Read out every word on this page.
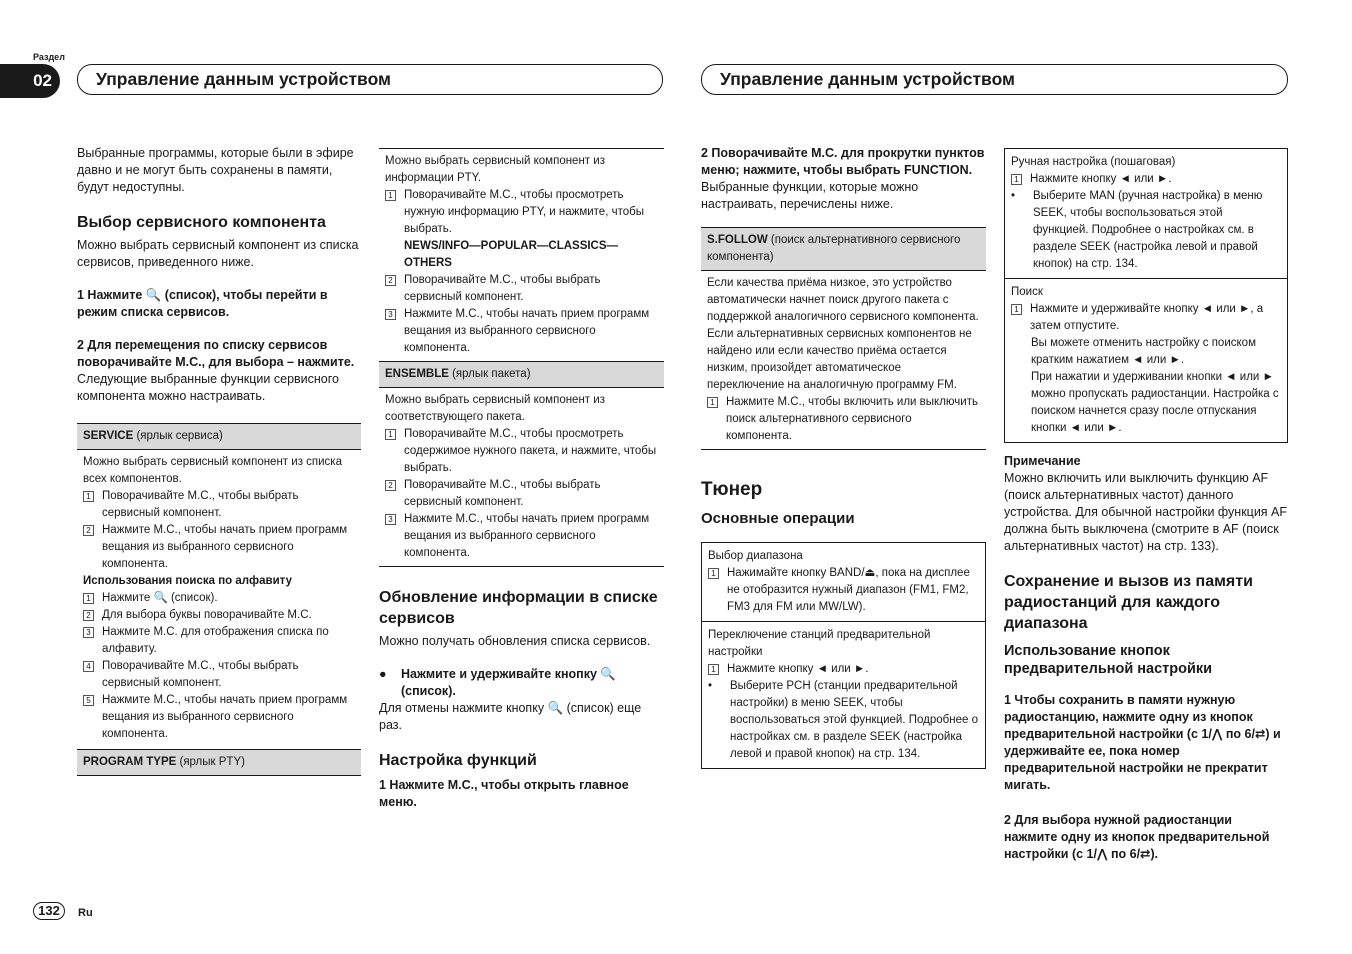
Раздел
02	Управление данным устройством	Управление данным устройством

Выбранные программы, которые были в эфире давно и не могут быть сохранены в памяти, будут недоступны.

Выбор сервисного компонента

Можно выбрать сервисный компонент из списка сервисов, приведенного ниже.

1 Нажмите 🔍 (список), чтобы перейти в режим списка сервисов.

2 Для перемещения по списку сервисов поворачивайте M.C., для выбора – нажмите.

Следующие выбранные функции сервисного компонента можно настраивать.

SERVICE (ярлык сервиса)

Можно выбрать сервисный компонент из списка всех компонентов.

1 Поворачивайте M.C., чтобы выбрать сервисный компонент.
2 Нажмите M.C., чтобы начать прием программ вещания из выбранного сервисного компонента.

Использования поиска по алфавиту

1 Нажмите 🔍 (список).
2 Для выбора буквы поворачивайте M.C.
3 Нажмите M.C. для отображения списка по алфавиту.
4 Поворачивайте M.C., чтобы выбрать сервисный компонент.
5 Нажмите M.C., чтобы начать прием программ вещания из выбранного сервисного компонента.
PROGRAM TYPE (ярлык PTY)

Можно выбрать сервисный компонент из информации PTY.

1 Поворачивайте M.C., чтобы просмотреть нужную информацию PTY, и нажмите, чтобы выбрать.
NEWS/INFO—POPULAR—CLASSICS—OTHERS
2 Поворачивайте M.C., чтобы выбрать сервисный компонент.
3 Нажмите M.C., чтобы начать прием программ вещания из выбранного сервисного компонента.
ENSEMBLE (ярлык пакета)

Можно выбрать сервисный компонент из соответствующего пакета.

1 Поворачивайте M.C., чтобы просмотреть содержимое нужного пакета, и нажмите, чтобы выбрать.
2 Поворачивайте M.C., чтобы выбрать сервисный компонент.
3 Нажмите M.C., чтобы начать прием программ вещания из выбранного сервисного компонента.
Обновление информации в списке сервисов

Можно получать обновления списка сервисов.

●	Нажмите и удерживайте кнопку 🔍 (список).

Для отмены нажмите кнопку 🔍 (список) еще раз.

Настройка функций

1 Нажмите M.C., чтобы открыть главное меню.

2 Поворачивайте M.C. для прокрутки пунктов меню; нажмите, чтобы выбрать FUNCTION.

Выбранные функции, которые можно настраивать, перечислены ниже.

S.FOLLOW (поиск альтернативного сервисного компонента)

Если качества приёма низкое, это устройство автоматически начнет поиск другого пакета с поддержкой аналогичного сервисного компонента. Если альтернативных сервисных компонентов не найдено или если качество приёма остается низким, произойдет автоматическое переключение на аналогичную программу FM.

1 Нажмите M.C., чтобы включить или выключить поиск альтернативного сервисного компонента.
Тюнер
Основные операции

Выбор диапазона

1 Нажимайте кнопку BAND/⏏, пока на дисплее не отобразится нужный диапазон (FM1, FM2, FM3 для FM или MW/LW).

Переключение станций предварительной настройки

1 Нажмите кнопку ◄ или ►.
•	Выберите PCH (станции предварительной настройки) в меню SEEK, чтобы воспользоваться этой функцией. Подробнее о настройках см. в разделе SEEK (настройка левой и правой кнопок) на стр. 134.

Ручная настройка (пошаговая)

1 Нажмите кнопку ◄ или ►.
•	Выберите MAN (ручная настройка) в меню SEEK, чтобы воспользоваться этой функцией. Подробнее о настройках см. в разделе SEEK (настройка левой и правой кнопок) на стр. 134.

Поиск

1 Нажмите и удерживайте кнопку ◄ или ►, а затем отпустите.

Вы можете отменить настройку с поиском кратким нажатием ◄ или ►.

При нажатии и удерживании кнопки ◄ или ► можно пропускать радиостанции. Настройка с поиском начнется сразу после отпускания кнопки ◄ или ►.

Примечание

Можно включить или выключить функцию AF (поиск альтернативных частот) данного устройства. Для обычной настройки функция AF должна быть выключена (смотрите в AF (поиск альтернативных частот) на стр. 133).

Сохранение и вызов из памяти радиостанций для каждого диапазона
Использование кнопок предварительной настройки

1 Чтобы сохранить в памяти нужную радиостанцию, нажмите одну из кнопок предварительной настройки (с 1/⋀ по 6/⇄) и удерживайте ее, пока номер предварительной настройки не прекратит мигать.

2 Для выбора нужной радиостанции нажмите одну из кнопок предварительной настройки (с 1/⋀ по 6/⇄).

132	Ru
